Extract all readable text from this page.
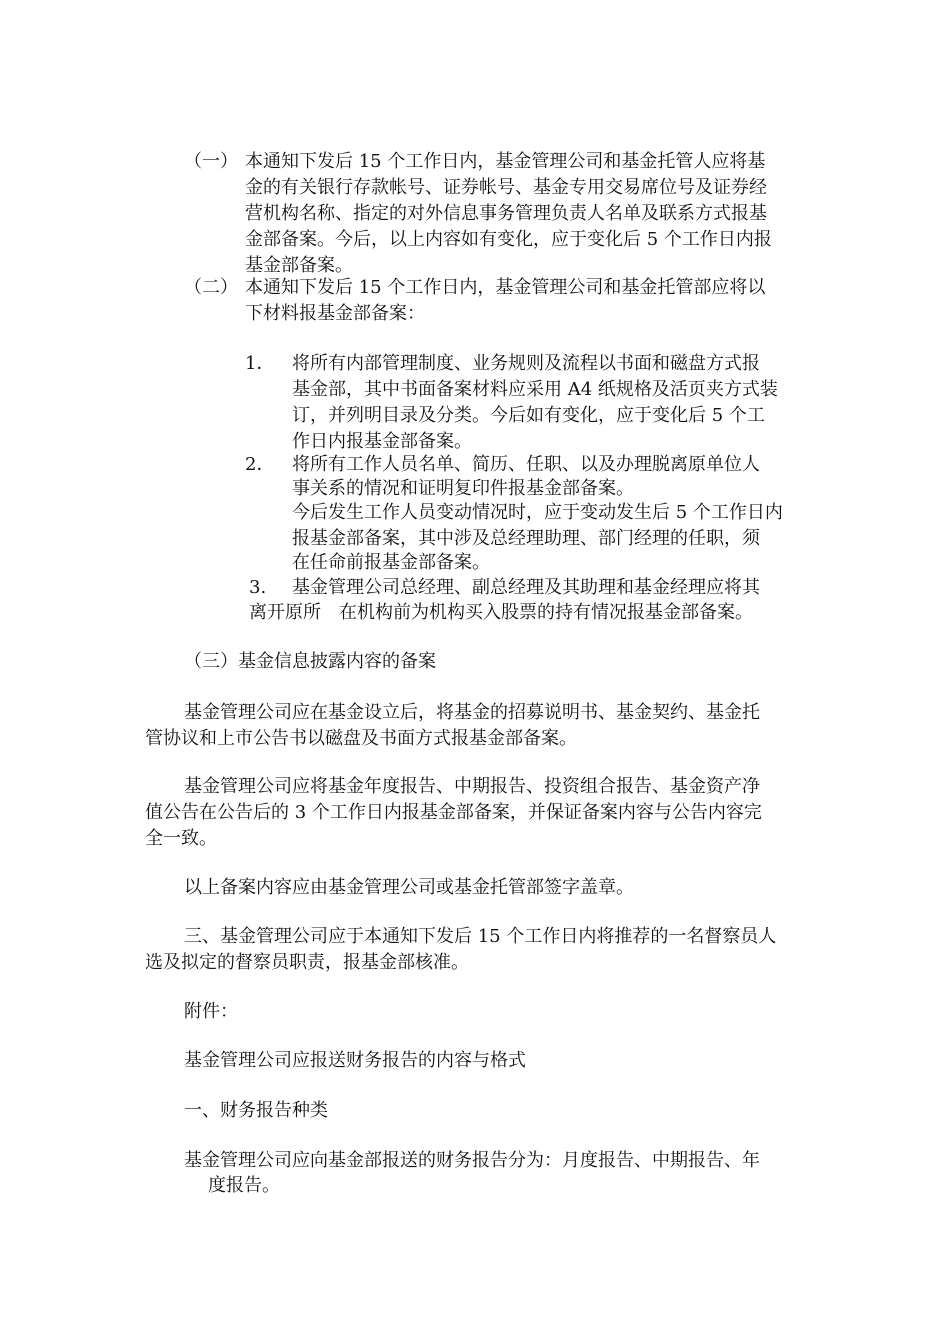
（一） 本通知下发后 15 个工作日内，基金管理公司和基金托管人应将基
金的有关银行存款帐号、证券帐号、基金专用交易席位号及证券经
营机构名称、指定的对外信息事务管理负责人名单及联系方式报基
金部备案。今后，以上内容如有变化，应于变化后 5 个工作日内报
基金部备案。
（二） 本通知下发后 15 个工作日内，基金管理公司和基金托管部应将以
下材料报基金部备案：
1． 将所有内部管理制度、业务规则及流程以书面和磁盘方式报
基金部，其中书面备案材料应采用 A4 纸规格及活页夹方式装
订，并列明目录及分类。今后如有变化，应于变化后 5 个工
作日内报基金部备案。
2． 将所有工作人员名单、简历、任职、以及办理脱离原单位人
事关系的情况和证明复印件报基金部备案。
今后发生工作人员变动情况时，应于变动发生后 5 个工作日内
报基金部备案，其中涉及总经理助理、部门经理的任职，须
在任命前报基金部备案。
3. 基金管理公司总经理、副总经理及其助理和基金经理应将其
离开原所　在机构前为机构买入股票的持有情况报基金部备案。
（三）基金信息披露内容的备案
基金管理公司应在基金设立后，将基金的招募说明书、基金契约、基金托
管协议和上市公告书以磁盘及书面方式报基金部备案。
基金管理公司应将基金年度报告、中期报告、投资组合报告、基金资产净
值公告在公告后的 3 个工作日内报基金部备案，并保证备案内容与公告内容完
全一致。
以上备案内容应由基金管理公司或基金托管部签字盖章。
三、基金管理公司应于本通知下发后 15 个工作日内将推荐的一名督察员人
选及拟定的督察员职责，报基金部核准。
附件：
基金管理公司应报送财务报告的内容与格式
一、财务报告种类
基金管理公司应向基金部报送的财务报告分为：月度报告、中期报告、年
度报告。
